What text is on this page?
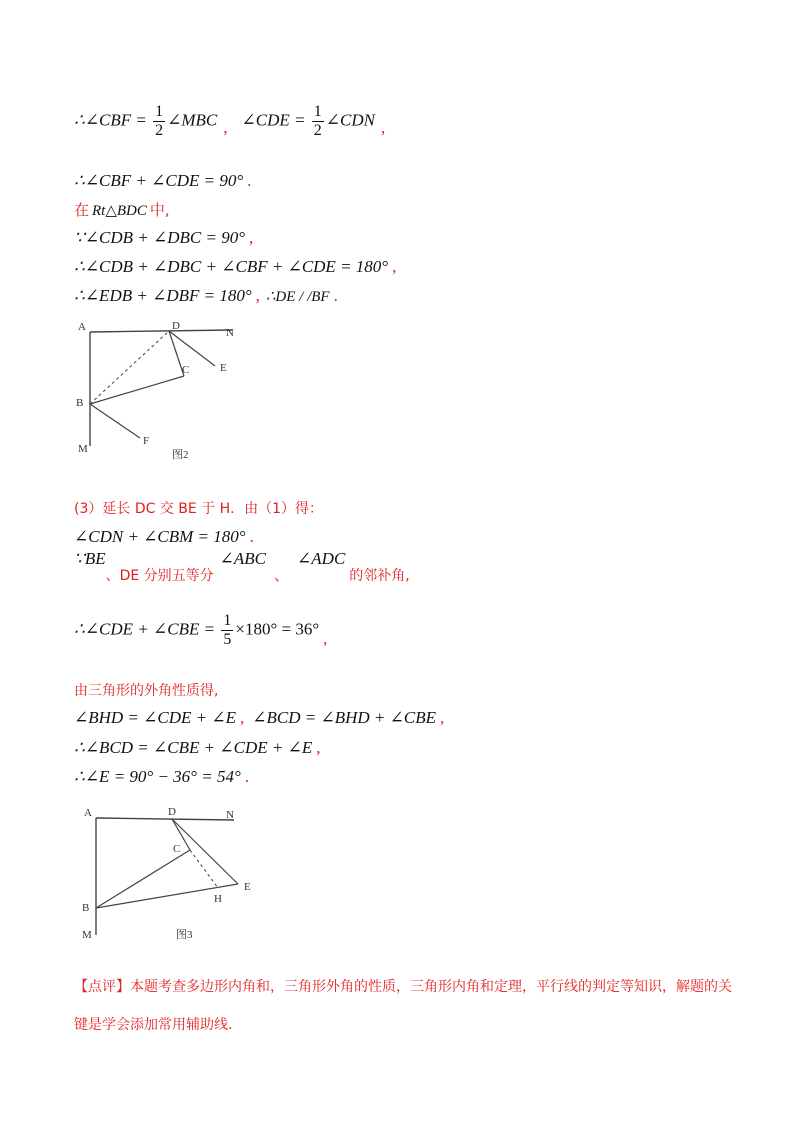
∴∠CBF = $\frac{1}{2}$ ∠MBC , ∠CDE = $\frac{1}{2}$ ∠CDN ,
∴∠CBF + ∠CDE = 90° .
在 Rt△BDC 中,
∵∠CDB + ∠DBC = 90° ,
∴∠CDB + ∠DBC + ∠CBF + ∠CDE = 180° ,
∴∠EDB + ∠DBF = 180° , ∴DE / /BF .
A	D
N
E
C
B
F
M	图2
(3）延长 DC 交 BE 于 H．由（1）得：
∠CDN + ∠CBM = 180° .
$\because BE_{、DE 分别五等分}\angle ABC$、$\angle ADC_{的邻补角,}$
∴∠CDE + ∠CBE = $\frac{1}{5} \times 180^\circ = 36^\circ$,
由三角形的外角性质得,
∠BHD = ∠CDE + ∠E , ∠BCD = ∠BHD + ∠CBE ,
∴∠BCD = ∠CBE + ∠CDE + ∠E ,
∴∠E = 90° − 36° = 54° .
A	D	N
C
E
H
B
M	图3
【点评】本题考查多边形内角和，三角形外角的性质，三角形内角和定理，平行线的判定等知识，解题的关键是学会添加常用辅助线.
